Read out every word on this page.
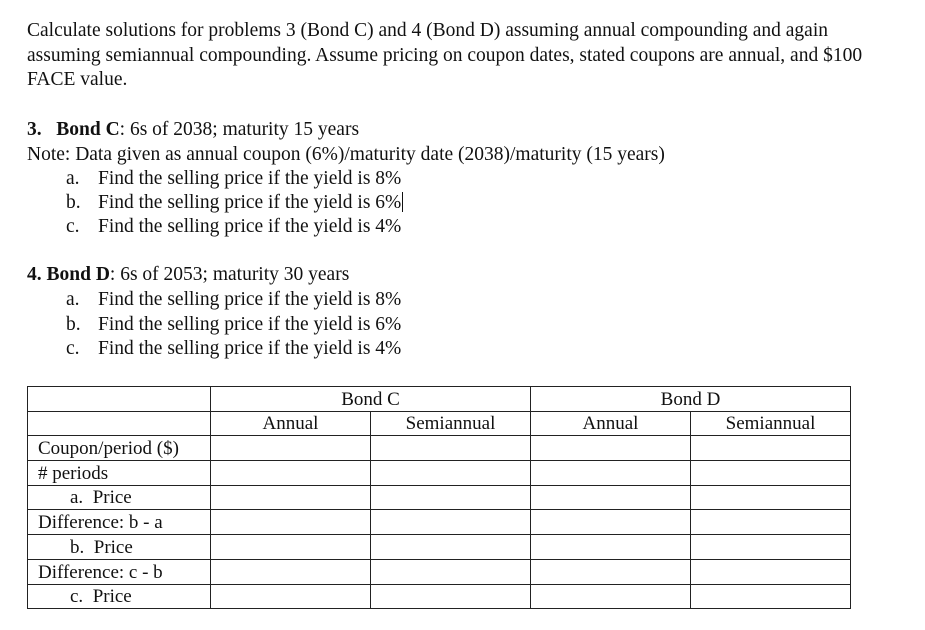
Calculate solutions for problems 3 (Bond C) and 4 (Bond D) assuming annual compounding and again assuming semiannual compounding. Assume pricing on coupon dates, stated coupons are annual, and $100 FACE value.
3. Bond C: 6s of 2038; maturity 15 years
Note: Data given as annual coupon (6%)/maturity date (2038)/maturity (15 years)
a. Find the selling price if the yield is 8%
b. Find the selling price if the yield is 6%
c. Find the selling price if the yield is 4%
4. Bond D: 6s of 2053; maturity 30 years
a. Find the selling price if the yield is 8%
b. Find the selling price if the yield is 6%
c. Find the selling price if the yield is 4%
	Bond C		Bond D	
	Annual	Semiannual	Annual	Semiannual
Coupon/period ($)				
# periods				
a. Price				
Difference: b - a				
b. Price				
Difference: c - b				
c. Price				
